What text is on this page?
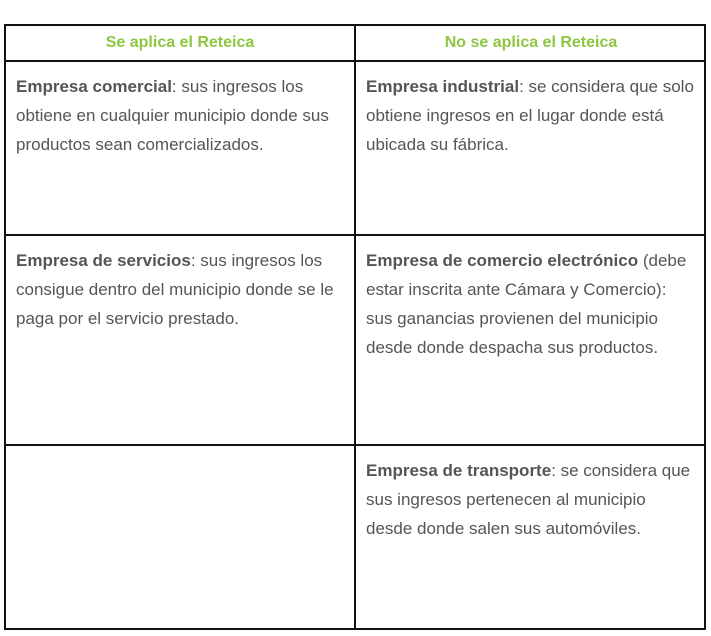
Se aplica el Reteica	No se aplica el Reteica
Empresa comercial: sus ingresos los obtiene en cualquier municipio donde sus productos sean comercializados.
Empresa industrial: se considera que solo obtiene ingresos en el lugar donde está ubicada su fábrica.
Empresa de servicios: sus ingresos los consigue dentro del municipio donde se le paga por el servicio prestado.
Empresa de comercio electrónico (debe estar inscrita ante Cámara y Comercio): sus ganancias provienen del municipio desde donde despacha sus productos.
Empresa de transporte: se considera que sus ingresos pertenecen al municipio desde donde salen sus automóviles.
